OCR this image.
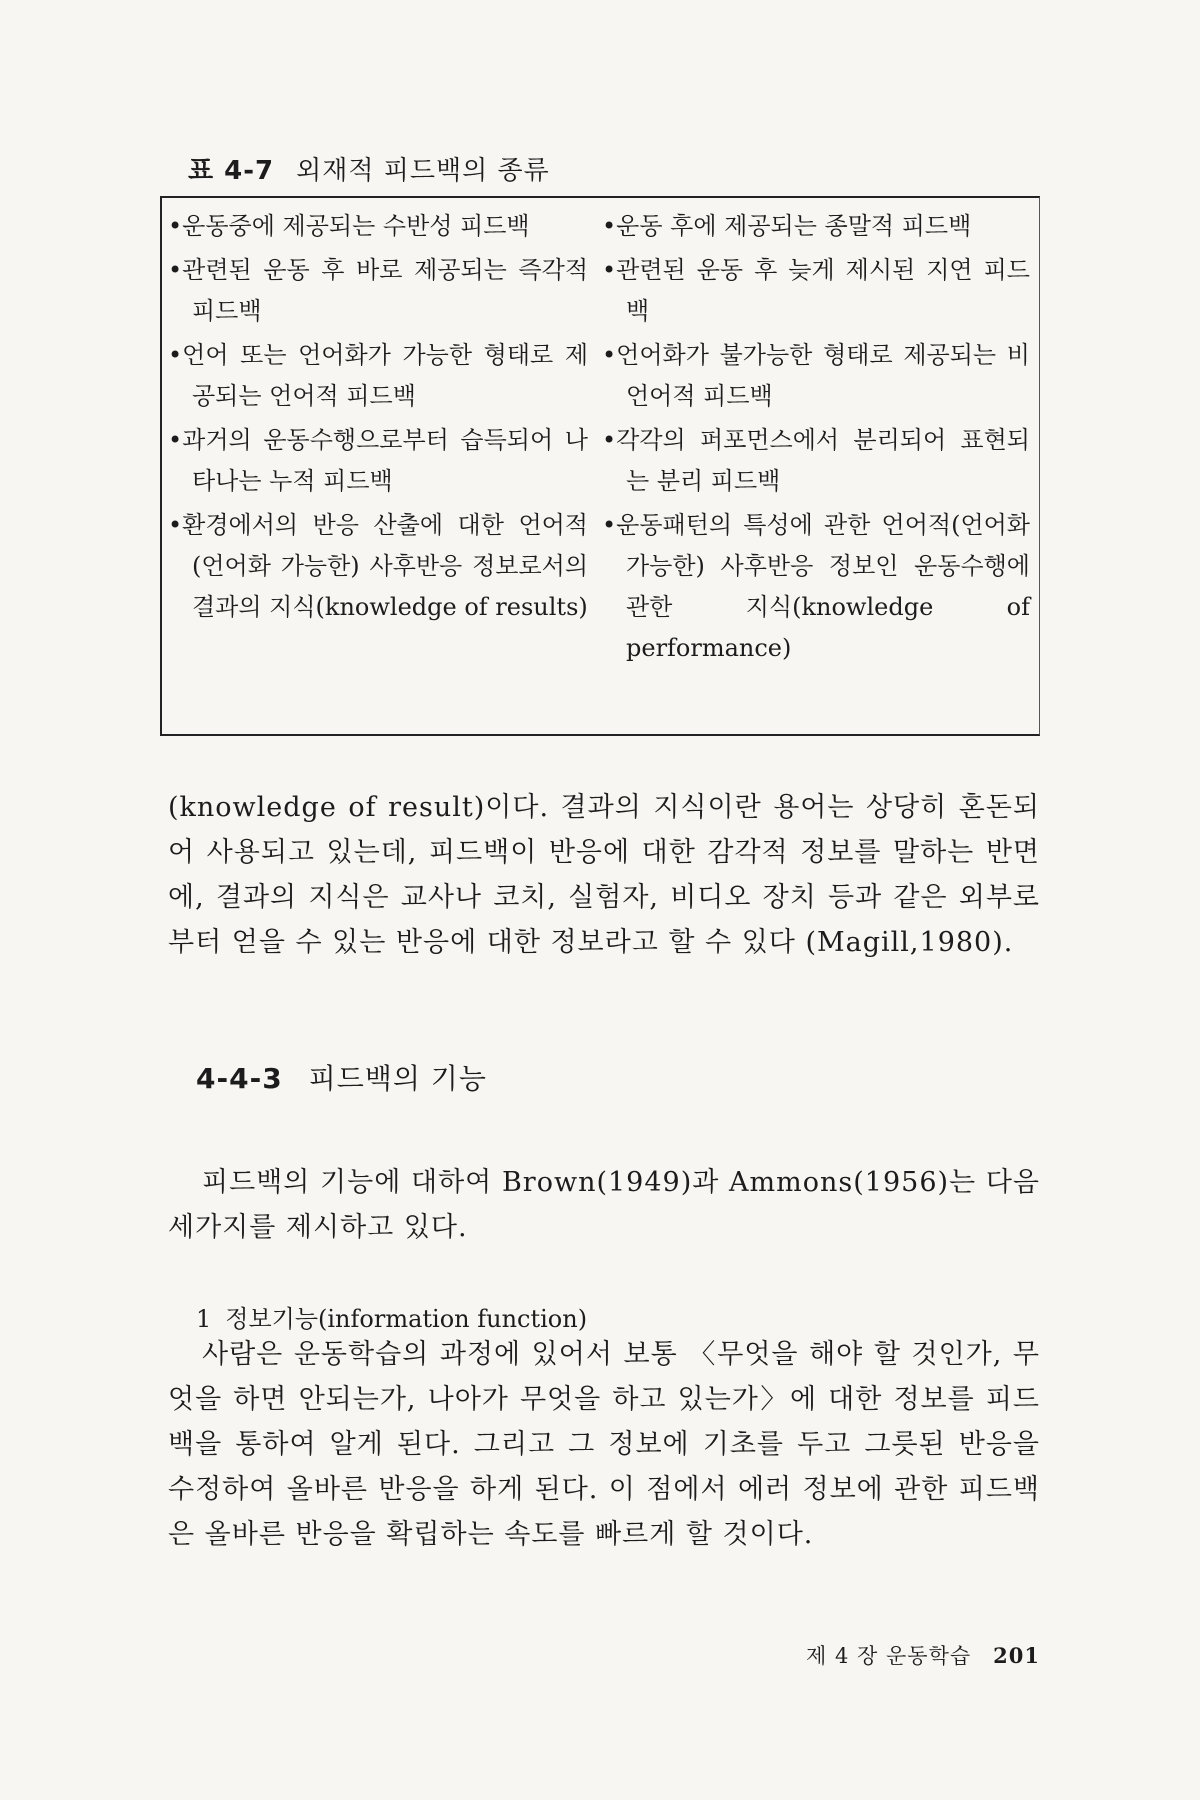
표 4-7 외재적 피드백의 종류
•운동중에 제공되는 수반성 피드백
•관련된 운동 후 바로 제공되는 즉각적 피드백
•언어 또는 언어화가 가능한 형태로 제공되는 언어적 피드백
•과거의 운동수행으로부터 습득되어 나타나는 누적 피드백
•환경에서의 반응 산출에 대한 언어적(언어화 가능한) 사후반응 정보로서의 결과의 지식(knowledge of results)
•운동 후에 제공되는 종말적 피드백
•관련된 운동 후 늦게 제시된 지연 피드백
•언어화가 불가능한 형태로 제공되는 비언어적 피드백
•각각의 퍼포먼스에서 분리되어 표현되는 분리 피드백
•운동패턴의 특성에 관한 언어적(언어화 가능한) 사후반응 정보인 운동수행에 관한 지식(knowledge of performance)
(knowledge of result)이다. 결과의 지식이란 용어는 상당히 혼돈되어 사용되고 있는데, 피드백이 반응에 대한 감각적 정보를 말하는 반면에, 결과의 지식은 교사나 코치, 실험자, 비디오 장치 등과 같은 외부로부터 얻을 수 있는 반응에 대한 정보라고 할 수 있다 (Magill,1980).
4-4-3 피드백의 기능
피드백의 기능에 대하여 Brown(1949)과 Ammons(1956)는 다음 세가지를 제시하고 있다.
1 정보기능(information function)
사람은 운동학습의 과정에 있어서 보통 〈무엇을 해야 할 것인가, 무엇을 하면 안되는가, 나아가 무엇을 하고 있는가〉에 대한 정보를 피드백을 통하여 알게 된다. 그리고 그 정보에 기초를 두고 그릇된 반응을 수정하여 올바른 반응을 하게 된다. 이 점에서 에러 정보에 관한 피드백은 올바른 반응을 확립하는 속도를 빠르게 할 것이다.
제 4 장 운동학습 201
